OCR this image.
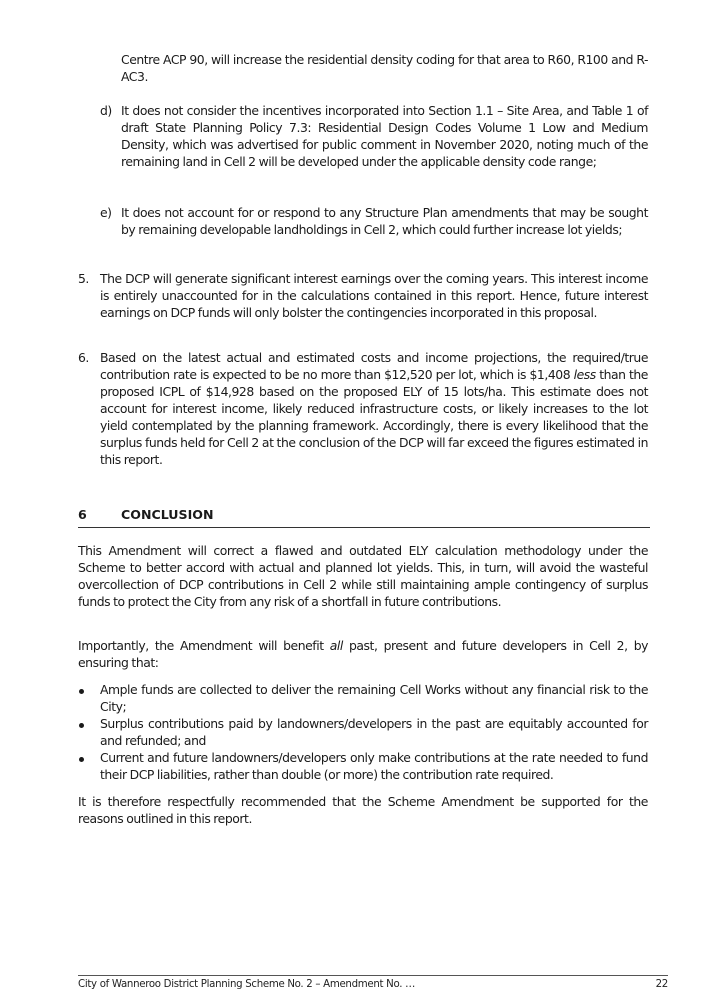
Centre ACP 90, will increase the residential density coding for that area to R60, R100 and R-AC3.
d) It does not consider the incentives incorporated into Section 1.1 – Site Area, and Table 1 of draft State Planning Policy 7.3: Residential Design Codes Volume 1 Low and Medium Density, which was advertised for public comment in November 2020, noting much of the remaining land in Cell 2 will be developed under the applicable density code range;
e) It does not account for or respond to any Structure Plan amendments that may be sought by remaining developable landholdings in Cell 2, which could further increase lot yields;
5. The DCP will generate significant interest earnings over the coming years. This interest income is entirely unaccounted for in the calculations contained in this report. Hence, future interest earnings on DCP funds will only bolster the contingencies incorporated in this proposal.
6. Based on the latest actual and estimated costs and income projections, the required/true contribution rate is expected to be no more than $12,520 per lot, which is $1,408 less than the proposed ICPL of $14,928 based on the proposed ELY of 15 lots/ha. This estimate does not account for interest income, likely reduced infrastructure costs, or likely increases to the lot yield contemplated by the planning framework. Accordingly, there is every likelihood that the surplus funds held for Cell 2 at the conclusion of the DCP will far exceed the figures estimated in this report.
6	CONCLUSION
This Amendment will correct a flawed and outdated ELY calculation methodology under the Scheme to better accord with actual and planned lot yields. This, in turn, will avoid the wasteful overcollection of DCP contributions in Cell 2 while still maintaining ample contingency of surplus funds to protect the City from any risk of a shortfall in future contributions.
Importantly, the Amendment will benefit all past, present and future developers in Cell 2, by ensuring that:
Ample funds are collected to deliver the remaining Cell Works without any financial risk to the City;
Surplus contributions paid by landowners/developers in the past are equitably accounted for and refunded; and
Current and future landowners/developers only make contributions at the rate needed to fund their DCP liabilities, rather than double (or more) the contribution rate required.
It is therefore respectfully recommended that the Scheme Amendment be supported for the reasons outlined in this report.
City of Wanneroo District Planning Scheme No. 2 – Amendment No. …	22
